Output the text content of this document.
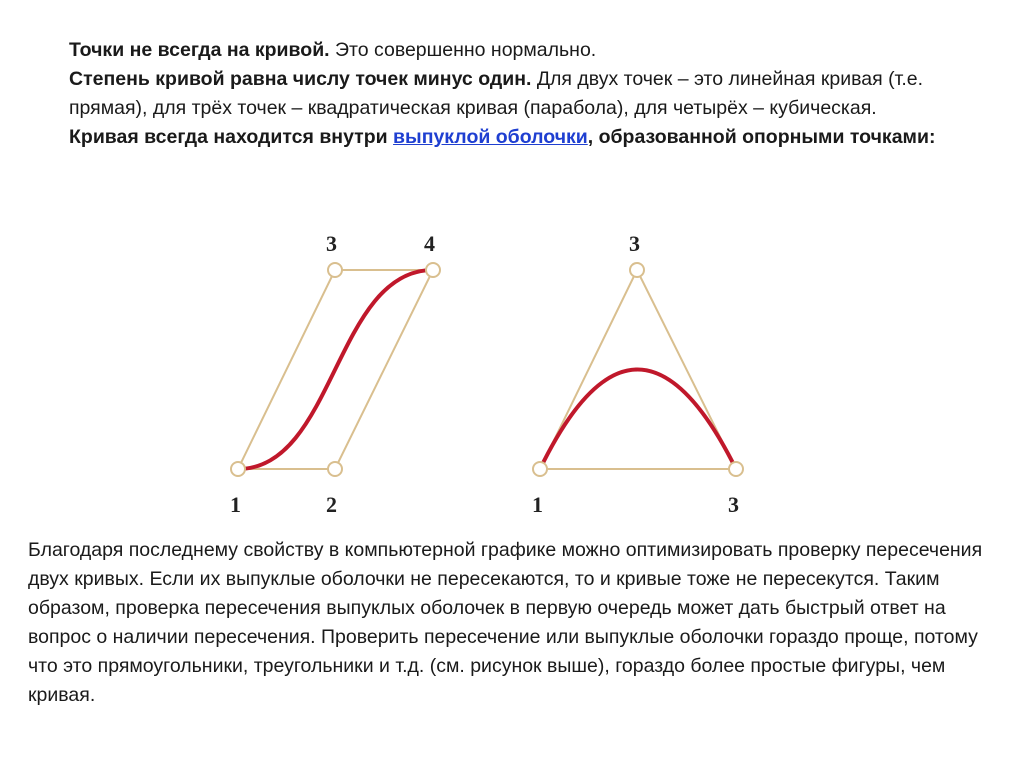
Точки не всегда на кривой. Это совершенно нормально.

Степень кривой равна числу точек минус один. Для двух точек – это линейная кривая (т.е. прямая), для трёх точек – квадратическая кривая (парабола), для четырёх – кубическая.

Кривая всегда находится внутри выпуклой оболочки, образованной опорными точками:

1	2
3	4
1
3
3

Благодаря последнему свойству в компьютерной графике можно оптимизировать проверку пересечения двух кривых. Если их выпуклые оболочки не пересекаются, то и кривые тоже не пересекутся. Таким образом, проверка пересечения выпуклых оболочек в первую очередь может дать быстрый ответ на вопрос о наличии пересечения. Проверить пересечение или выпуклые оболочки гораздо проще, потому что это прямоугольники, треугольники и т.д. (см. рисунок выше), гораздо более простые фигуры, чем кривая.
